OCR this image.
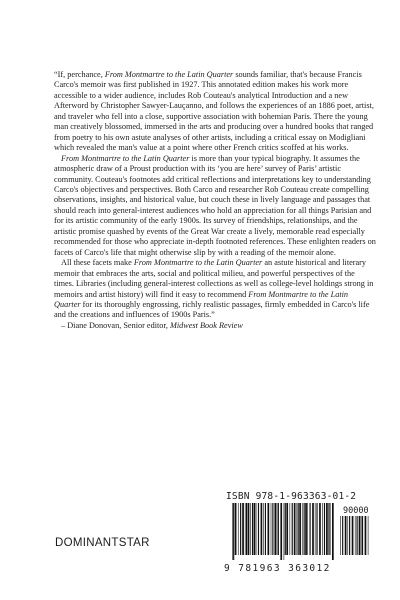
“If, perchance, From Montmartre to the Latin Quarter sounds familiar, that's because Francis Carco's memoir was first published in 1927. This annotated edition makes his work more accessible to a wider audience, includes Rob Couteau's analytical Introduction and a new Afterword by Christopher Sawyer-Lauçanno, and follows the experiences of an 1886 poet, artist, and traveler who fell into a close, supportive association with bohemian Paris. There the young man creatively blossomed, immersed in the arts and producing over a hundred books that ranged from poetry to his own astute analyses of other artists, including a critical essay on Modigliani which revealed the man's value at a point where other French critics scoffed at his works.

From Montmartre to the Latin Quarter is more than your typical biography. It assumes the atmospheric draw of a Proust production with its ‘you are here’ survey of Paris’ artistic community. Couteau's footnotes add critical reflections and interpretations key to understanding Carco's objectives and perspectives. Both Carco and researcher Rob Couteau create compelling observations, insights, and historical value, but couch these in lively language and passages that should reach into general-interest audiences who hold an appreciation for all things Parisian and for its artistic community of the early 1900s. Its survey of friendships, relationships, and the artistic promise quashed by events of the Great War create a lively, memorable read especially recommended for those who appreciate in-depth footnoted references. These enlighten readers on facets of Carco's life that might otherwise slip by with a reading of the memoir alone.

All these facets make From Montmartre to the Latin Quarter an astute historical and literary memoir that embraces the arts, social and political milieu, and powerful perspectives of the times. Libraries (including general-interest collections as well as college-level holdings strong in memoirs and artist history) will find it easy to recommend From Montmartre to the Latin Quarter for its thoroughly engrossing, richly realistic passages, firmly embedded in Carco's life and the creations and influences of 1900s Paris.”

– Diane Donovan, Senior editor, Midwest Book Review

ISBN 978-1-963363-01-2
90000
9 781963 363012
DOMINANTSTAR
